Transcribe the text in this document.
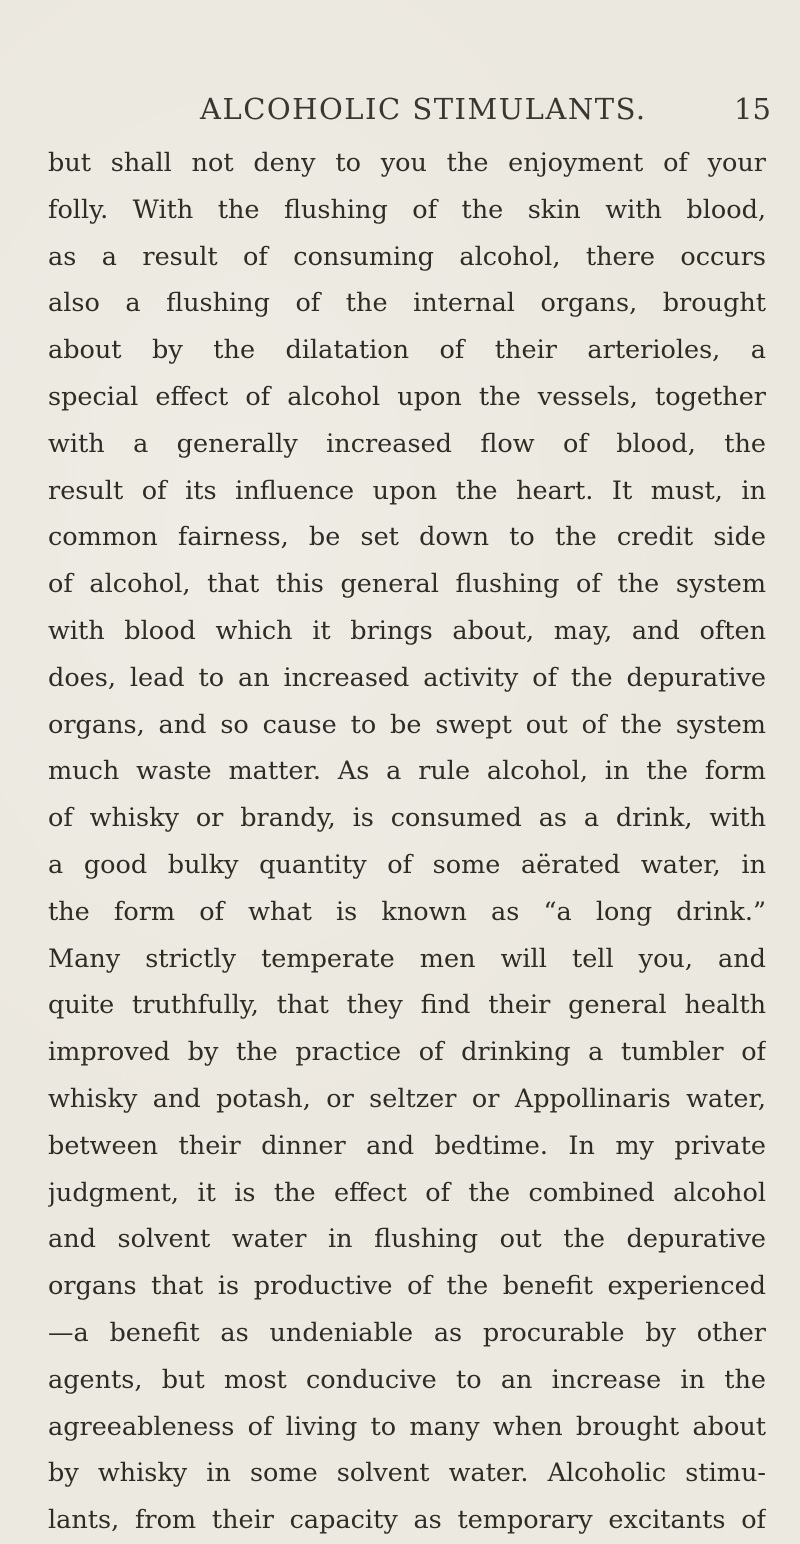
ALCOHOLIC STIMULANTS.	15
but shall not deny to you the enjoyment of your
folly. With the flushing of the skin with blood,
as a result of consuming alcohol, there occurs
also a flushing of the internal organs, brought
about by the dilatation of their arterioles, a
special effect of alcohol upon the vessels, together
with a generally increased flow of blood, the
result of its influence upon the heart. It must, in
common fairness, be set down to the credit side
of alcohol, that this general flushing of the system
with blood which it brings about, may, and often
does, lead to an increased activity of the depurative
organs, and so cause to be swept out of the system
much waste matter. As a rule alcohol, in the form
of whisky or brandy, is consumed as a drink, with
a good bulky quantity of some aërated water, in
the form of what is known as “a long drink.”
Many strictly temperate men will tell you, and
quite truthfully, that they find their general health
improved by the practice of drinking a tumbler of
whisky and potash, or seltzer or Appollinaris water,
between their dinner and bedtime. In my private
judgment, it is the effect of the combined alcohol
and solvent water in flushing out the depurative
organs that is productive of the benefit experienced
—a benefit as undeniable as procurable by other
agents, but most conducive to an increase in the
agreeableness of living to many when brought about
by whisky in some solvent water. Alcoholic stimu-
lants, from their capacity as temporary excitants of
